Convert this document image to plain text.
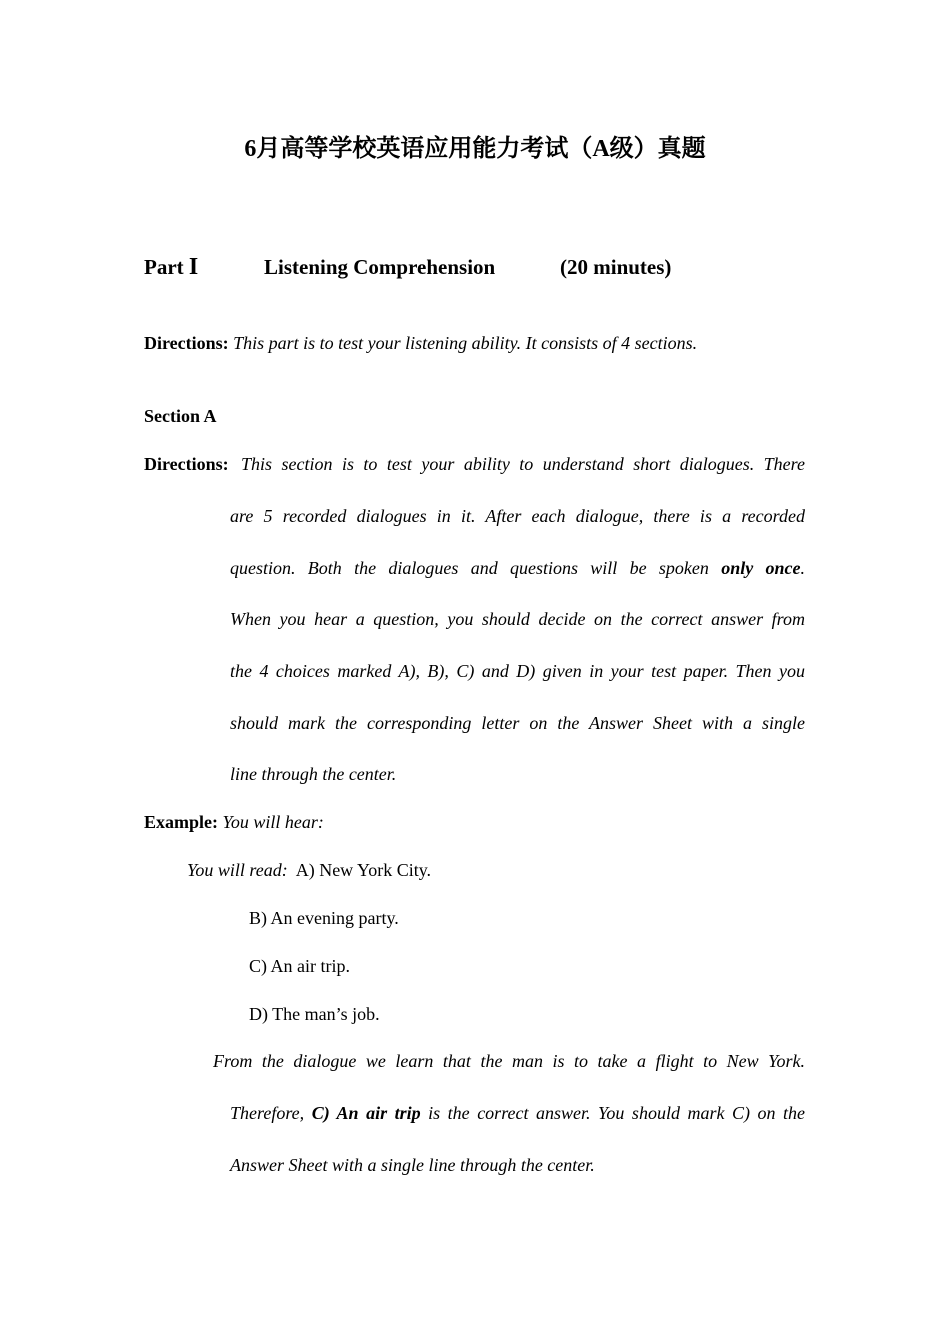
6月高等学校英语应用能力考试（A级）真题
Part I	Listening Comprehension	(20 minutes)
Directions: This part is to test your listening ability. It consists of 4 sections.
Section A
Directions: This section is to test your ability to understand short dialogues. There
are 5 recorded dialogues in it. After each dialogue, there is a recorded
question. Both the dialogues and questions will be spoken only once.
When you hear a question, you should decide on the correct answer from
the 4 choices marked A), B), C) and D) given in your test paper. Then you
should mark the corresponding letter on the Answer Sheet with a single
line through the center.
Example: You will hear:
You will read: A) New York City.
B) An evening party.
C) An air trip.
D) The man’s job.
From the dialogue we learn that the man is to take a flight to New York.
Therefore, C) An air trip is the correct answer. You should mark C) on the
Answer Sheet with a single line through the center.
